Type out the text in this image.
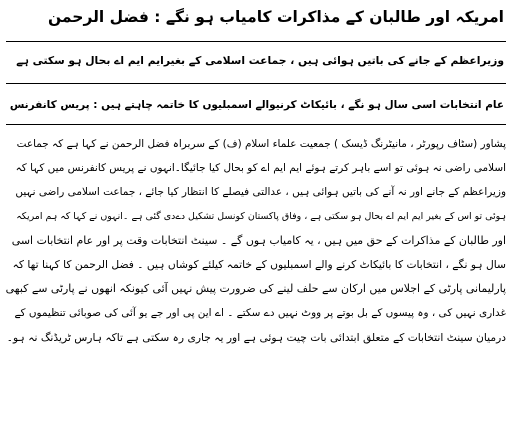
امریکہ اور طالبان کے مذاکرات کامیاب ہو نگے : فضل الرحمن
وزیراعظم کے جانے کی باتیں ہوائی ہیں ، جماعت اسلامی کے بغیرایم ایم اے بحال ہو سکتی ہے
عام انتخابات اسی سال ہو نگے ، بائیکاٹ کرنیوالے اسمبلیوں کا خاتمہ چاہتے ہیں : پریس کانفرنس
پشاور (سٹاف رپورٹر ، مانیٹرنگ ڈیسک ) جمعیت علماء اسلام (ف) کے سربراہ فضل الرحمن نے کہا ہے کہ جماعت
اسلامی راضی نہ ہوئی تو اسے باہر کرتے ہوئے ایم ایم اے کو بحال کیا جائیگا۔انہوں نے پریس کانفرنس میں کہا کہ
وزیراعظم کے جانے اور نہ آنے کی باتیں ہوائی ہیں ، عدالتی فیصلے کا انتظار کیا جائے ، جماعت اسلامی راضی نہیں
ہوئی تو اس کے بغیر ایم ایم اے بحال ہو سکتی ہے ، وفاق پاکستان کونسل تشکیل دےدی گئی ہے ۔انہوں نے کہا کہ ہم امریکہ
اور طالبان کے مذاکرات کے حق میں ہیں ، یہ کامیاب ہوں گے ۔ سینٹ انتخابات وقت پر اور عام انتخابات اسی
سال ہو نگے ، انتخابات کا بائیکاٹ کرنے والے اسمبلیوں کے خاتمہ کیلئے کوشاں ہیں ۔ فضل الرحمن کا کہنا تھا کہ
پارلیمانی پارٹی کے اجلاس میں ارکان سے حلف لینے کی ضرورت پیش نہیں آئی کیونکہ انھوں نے پارٹی سے کبھی
غداری نہیں کی ، وہ پیسوں کے بل بوتے پر ووٹ نہیں دے سکتے ۔ اے این پی اور جے یو آئی کی صوبائی تنظیموں کے
درمیان سینٹ انتخابات کے متعلق ابتدائی بات چیت ہوئی ہے اور یہ جاری رہ سکتی ہے تاکہ ہارس ٹریڈنگ نہ ہو۔
